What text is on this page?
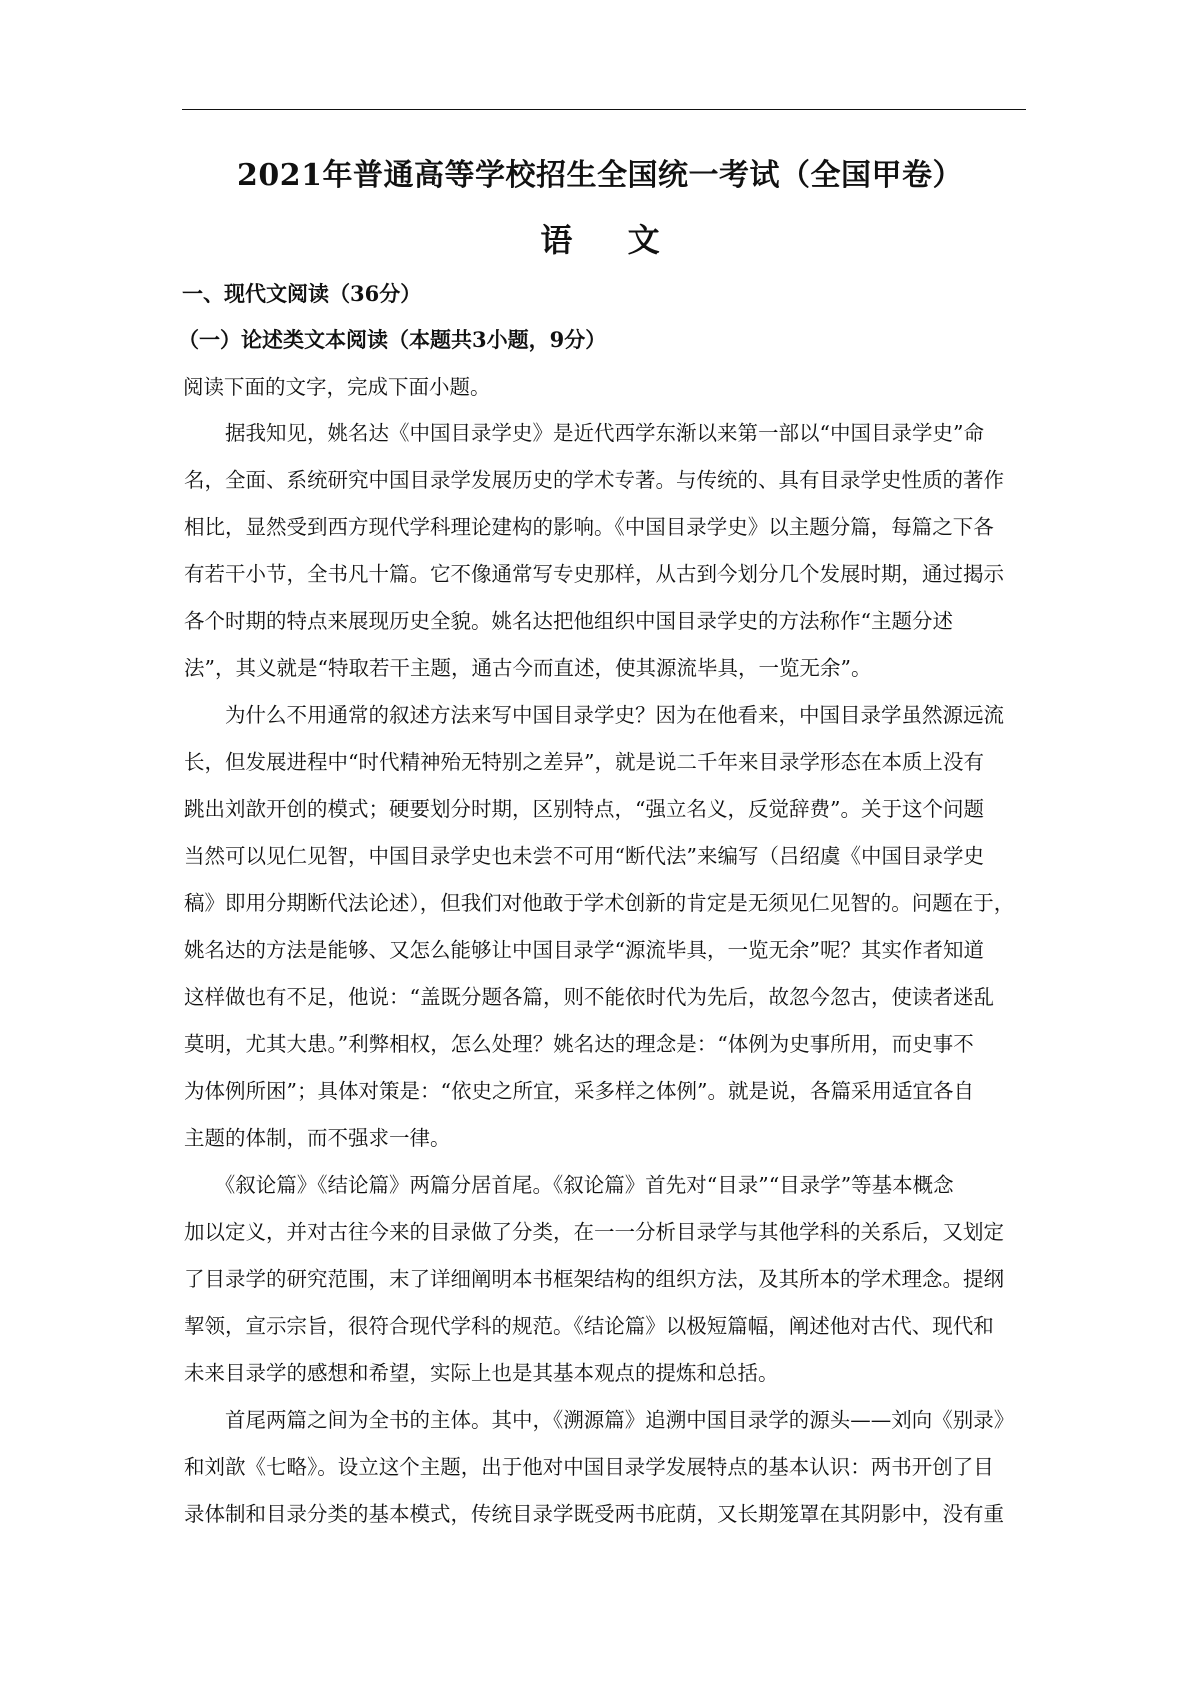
2021年普通高等学校招生全国统一考试（全国甲卷）
语 文
一、现代文阅读（36分）
（一）论述类文本阅读（本题共3小题，9分）
阅读下面的文字，完成下面小题。
　　据我知见，姚名达《中国目录学史》是近代西学东渐以来第一部以“中国目录学史”命
名，全面、系统研究中国目录学发展历史的学术专著。与传统的、具有目录学史性质的著作
相比，显然受到西方现代学科理论建构的影响。《中国目录学史》以主题分篇，每篇之下各
有若干小节，全书凡十篇。它不像通常写专史那样，从古到今划分几个发展时期，通过揭示
各个时期的特点来展现历史全貌。姚名达把他组织中国目录学史的方法称作“主题分述
法”，其义就是“特取若干主题，通古今而直述，使其源流毕具，一览无余”。
　　为什么不用通常的叙述方法来写中国目录学史？因为在他看来，中国目录学虽然源远流
长，但发展进程中“时代精神殆无特别之差异”，就是说二千年来目录学形态在本质上没有
跳出刘歆开创的模式；硬要划分时期，区别特点，“强立名义，反觉辞费”。关于这个问题
当然可以见仁见智，中国目录学史也未尝不可用“断代法”来编写（吕绍虞《中国目录学史
稿》即用分期断代法论述），但我们对他敢于学术创新的肯定是无须见仁见智的。问题在于，
姚名达的方法是能够、又怎么能够让中国目录学“源流毕具，一览无余”呢？其实作者知道
这样做也有不足，他说：“盖既分题各篇，则不能依时代为先后，故忽今忽古，使读者迷乱
莫明，尤其大患。”利弊相权，怎么处理？姚名达的理念是：“体例为史事所用，而史事不
为体例所困”；具体对策是：“依史之所宜，采多样之体例”。就是说，各篇采用适宜各自
主题的体制，而不强求一律。
　　《叙论篇》《结论篇》两篇分居首尾。《叙论篇》首先对“目录”“目录学”等基本概念
加以定义，并对古往今来的目录做了分类，在一一分析目录学与其他学科的关系后，又划定
了目录学的研究范围，末了详细阐明本书框架结构的组织方法，及其所本的学术理念。提纲
挈领，宣示宗旨，很符合现代学科的规范。《结论篇》以极短篇幅，阐述他对古代、现代和
未来目录学的感想和希望，实际上也是其基本观点的提炼和总括。
　　首尾两篇之间为全书的主体。其中，《溯源篇》追溯中国目录学的源头——刘向《别录》
和刘歆《七略》。设立这个主题，出于他对中国目录学发展特点的基本认识：两书开创了目
录体制和目录分类的基本模式，传统目录学既受两书庇荫，又长期笼罩在其阴影中，没有重
